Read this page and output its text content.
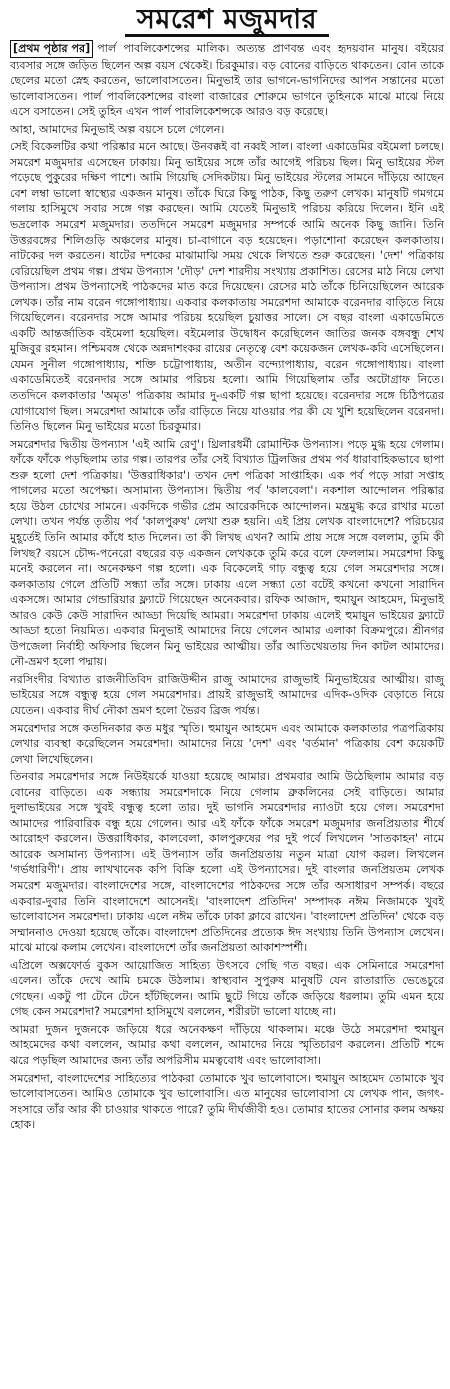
সমরেশ মজুমদার

[প্রথম পৃষ্ঠার পর] পার্ল পাবলিকেশন্সের মালিক। অত্যন্ত প্রাণবন্ত এবং হৃদয়বান মানুষ। বইয়ের ব্যবসার সঙ্গে জড়িত ছিলেন অল্প বয়স থেকেই। চিরকুমার। বড় বোনের বাড়িতে থাকতেন। বোন তাকে ছেলের মতো স্নেহ করতেন, ভালোবাসতেন। মিনুভাই তার ভাগনে-ভাগনিদের আপন সন্তানের মতো ভালোবাসতেন। পার্ল পাবলিকেশন্সের বাংলা বাজারের শোরুমে ভাগনে তুহিনকে মাঝে মাঝে নিয়ে এসে বসাতেন। সেই তুহিন এখন পার্ল পাবলিকেশন্সকে আরও বড় করেছে।

আহা, আমাদের মিনুভাই অল্প বয়সে চলে গেলেন।

সেই বিকেলটির কথা পরিষ্কার মনে আছে। উনবক্কই বা নব্বই সাল। বাংলা একাডেমির বইমেলা চলছে। সমরেশ মজুমদার এসেছেন ঢাকায়। মিনু ভাইয়ের সঙ্গে তাঁর আগেই পরিচয় ছিল। মিনু ভাইয়ের স্টল পড়েছে পুকুরের দক্ষিণ পাশে। আমি গিয়েছি সেদিকটায়। মিনু ভাইয়ের স্টলের সামনে দাঁড়িয়ে আছেন বেশ লম্বা ভালো স্বাস্থ্যের একজন মানুষ। তাঁকে ঘিরে কিছু পাঠক, কিছু তরুণ লেখক। মানুষটি গমগমে গলায় হাসিমুখে সবার সঙ্গে গল্প করছেন। আমি যেতেই মিনুভাই পরিচয় করিয়ে দিলেন। ইনি এই ভদ্রলোক সমরেশ মজুমদার। ততদিনে সমরেশ মজুমদার সম্পর্কে আমি অনেক কিছু জানি। তিনি উত্তরবঙ্গের শিলিগুড়ি অঞ্চলের মানুষ। চা-বাগানে বড় হয়েছেন। পড়াশোনা করেছেন কলকাতায়। নাটকের দল করতেন। ষাটের দশকের মাঝামাঝি সময় থেকে লিখতে শুরু করেছেন। 'দেশ' পত্রিকায় বেরিয়েছিল প্রথম গল্প। প্রথম উপন্যাস 'দৌড়' দেশ শারদীয় সংখ্যায় প্রকাশিত। রেসের মাঠ নিয়ে লেখা উপন্যাস। প্রথম উপন্যাসেই পাঠকদের মাত করে দিয়েছেন। রেসের মাঠ তাঁকে চিনিয়েছিলেন আরেক লেখক। তাঁর নাম বরেন গঙ্গোপাধ্যায়। একবার কলকাতায় সমরেশদা আমাকে বরেনদার বাড়িতে নিয়ে গিয়েছিলেন। বরেনদার সঙ্গে আমার পরিচয় হয়েছিল চুয়াত্তর সালে। সে বছর বাংলা একাডেমিতে একটি আন্তর্জাতিক বইমেলা হয়েছিল। বইমেলার উদ্বোধন করেছিলেন জাতির জনক বঙ্গবন্ধু শেখ মুজিবুর রহমান। পশ্চিমবঙ্গ থেকে অন্নদাশংকর রায়ের নেতৃত্বে বেশ কয়েকজন লেখক-কবি এসেছিলেন। যেমন সুনীল গঙ্গোপাধ্যায়, শক্তি চট্টোপাধ্যায়, অতীন বন্দ্যোপাধ্যায়, বরেন গঙ্গোপাধ্যায়। বাংলা একাডেমিতেই বরেনদার সঙ্গে আমার পরিচয় হলো। আমি গিয়েছিলাম তাঁর অটোগ্রাফ নিতে। ততদিনে কলকাতার 'অমৃত' পত্রিকায় আমার দু-একটি গল্প ছাপা হয়েছে। বরেনদার সঙ্গে চিঠিপত্রের যোগাযোগ ছিল। সমরেশদা আমাকে তাঁর বাড়িতে নিয়ে যাওয়ার পর কী যে খুশি হয়েছিলেন বরেনদা। তিনিও ছিলেন মিনু ভাইয়ের মতো চিরকুমার।

সমরেশদার দ্বিতীয় উপন্যাস 'এই আমি রেণু'। থ্রিলারধর্মী রোমান্টিক উপন্যাস। পড়ে মুগ্ধ হয়ে গেলাম। ফাঁকে ফাঁকে পড়ছিলাম তার গল্প। তারপর তাঁর সেই বিখ্যাত ট্রিলজির প্রথম পর্ব ধারাবাহিকভাবে ছাপা শুরু হলো দেশ পত্রিকায়। 'উত্তরাধিকার'। তখন দেশ পত্রিকা সাপ্তাহিক। এক পর্ব পড়ে সারা সপ্তাহ পাগলের মতো অপেক্ষা। অসামান্য উপন্যাস। দ্বিতীয় পর্ব 'কালবেলা'। নকশাল আন্দোলন পরিষ্কার হয়ে উঠল চোখের সামনে। একদিকে গভীর প্রেম আরেকদিকে আন্দোলন। মন্ত্রমুগ্ধ করে রাখার মতো লেখা। তখন পর্যন্ত তৃতীয় পর্ব 'কালপুরুষ' লেখা শুরু হয়নি। এই প্রিয় লেখক বাংলাদেশে? পরিচয়ের মুহূর্তেই তিনি আমার কাঁধে হাত দিলেন। তা কী লিখছ এখন? আমি প্রায় সঙ্গে সঙ্গে বললাম, তুমি কী লিখছ? বয়সে চৌদ্দ-পনেরো বছরের বড় একজন লেখককে তুমি করে বলে ফেললাম। সমরেশদা কিছু মনেই করলেন না। অনেকক্ষণ গল্প হলো। এক বিকেলেই গাঢ় বন্ধুত্ব হয়ে গেল সমরেশদার সঙ্গে। কলকাতায় গেলে প্রতিটি সন্ধ্যা তাঁর সঙ্গে। ঢাকায় এলে সন্ধ্যা তো বটেই কখনো কখনো সারাদিন একসঙ্গে। আমার গেন্ডারিয়ার ফ্ল্যাটে গিয়েছেন অনেকবার। রফিক আজাদ, হুমায়ুন আহমেদ, মিনুভাই আরও কেউ কেউ সারাদিন আড্ডা দিয়েছি আমরা। সমরেশদা ঢাকায় এলেই হুমায়ুন ভাইয়ের ফ্ল্যাটে আড্ডা হতো নিয়মিত। একবার মিনুভাই আমাদের নিয়ে গেলেন আমার এলাকা বিক্রমপুরে। শ্রীনগর উপজেলা নির্বাহী অফিসার ছিলেন মিনু ভাইয়ের আত্মীয়। তাঁর আতিথেয়তায় দিন কাটল আমাদের। নৌ-ভ্রমণ হলো পদ্মায়।

নরসিংদীর বিখ্যাত রাজনীতিবিদ রাজিউদ্দীন রাজু আমাদের রাজুভাই মিনুভাইয়ের আত্মীয়। রাজু ভাইয়ের সঙ্গে বন্ধুত্ব হয়ে গেল সমরেশদার। প্রায়ই রাজুভাই আমাদের এদিক-ওদিক বেড়াতে নিয়ে যেতেন। একবার দীর্ঘ নৌকা ভ্রমণ হলো ভৈরব ব্রিজ পর্যন্ত।

সমরেশদার সঙ্গে কতদিনকার কত মধুর স্মৃতি। হুমায়ুন আহমেদ এবং আমাকে কলকাতার পত্রপত্রিকায় লেখার ব্যবস্থা করেছিলেন সমরেশদা। আমাদের নিয়ে 'দেশ' এবং 'বর্তমান' পত্রিকায় বেশ কয়েকটি লেখা লিখেছিলেন।

তিনবার সমরেশদার সঙ্গে নিউইয়র্কে যাওয়া হয়েছে আমার। প্রথমবার আমি উঠেছিলাম আমার বড় বোনের বাড়িতে। এক সন্ধ্যায় সমরেশদাকে নিয়ে গেলাম ব্রুকলিনের সেই বাড়িতে। আমার দুলাভাইয়ের সঙ্গে খুবই বন্ধুত্ব হলো তার। দুই ভাগনি সমরেশদার ন্যাওটা হয়ে গেল। সমরেশদা আমাদের পারিবারিক বন্ধু হয়ে গেলেন। আর এই ফাঁকে ফাঁকে সমরেশ মজুমদার জনপ্রিয়তার শীর্ষে আরোহণ করলেন। উত্তরাধিকার, কালবেলা, কালপুরুষের পর দুই পর্বে লিখলেন 'সাতকাহন' নামে আরেক অসামান্য উপন্যাস। এই উপন্যাস তাঁর জনপ্রিয়তায় নতুন মাত্রা যোগ করল। লিখলেন 'গর্ভধারিণী'। প্রায় লাখখানেক কপি বিক্রি হলো এই উপন্যাসের। দুই বাংলার জনপ্রিয়তম লেখক সমরেশ মজুমদার। বাংলাদেশের সঙ্গে, বাংলাদেশের পাঠকদের সঙ্গে তাঁর অসাধারণ সম্পর্ক। বছরে একবার-দুবার তিনি বাংলাদেশে আসেনই। 'বাংলাদেশ প্রতিদিন' সম্পাদক নঈম নিজামকে খুবই ভালোবাসেন সমরেশদা। ঢাকায় এলে নঈম তাঁকে ঢাকা ক্লাবে রাখেন। 'বাংলাদেশ প্রতিদিন' থেকে বড় সম্মাননাও দেওয়া হয়েছে তাঁকে। বাংলাদেশ প্রতিদিনের প্রত্যেক ঈদ সংখ্যায় তিনি উপন্যাস লেখেন। মাঝে মাঝে কলাম লেখেন। বাংলাদেশে তাঁর জনপ্রিয়তা আকাশস্পর্শী।

এপ্রিলে অক্সফোর্ড বুকস আয়োজিত সাহিত্য উৎসবে গেছি গত বছর। এক সেমিনারে সমরেশদা এলেন। তাঁকে দেখে আমি চমকে উঠলাম। স্বাস্থ্যবান সুপুরুষ মানুষটি যেন রাতারাতি ভেঙেচুরে গেছেন। একটু পা টেনে টেনে হাঁটছিলেন। আমি ছুটে গিয়ে তাঁকে জড়িয়ে ধরলাম। তুমি এমন হয়ে গেছ কেন সমরেশদা? সমরেশদা হাসিমুখে বললেন, শরীরটা ভালো যাচ্ছে না।

আমরা দুজন দুজনকে জড়িয়ে ধরে অনেকক্ষণ দাঁড়িয়ে থাকলাম। মঞ্চে উঠে সমরেশদা হুমায়ুন আহমেদের কথা বললেন, আমার কথা বললেন, আমাদের নিয়ে স্মৃতিচারণ করলেন। প্রতিটি শব্দে ঝরে পড়ছিল আমাদের জন্য তাঁর অপরিসীম মমত্ববোধ এবং ভালোবাসা।

সমরেশদা, বাংলাদেশের সাহিত্যের পাঠকরা তোমাকে খুব ভালোবাসে। হুমায়ুন আহমেদ তোমাকে খুব ভালোবাসতেন। আমিও তোমাকে খুব ভালোবাসি। এত মানুষের ভালোবাসা যে লেখক পান, জগৎ-সংসারে তাঁর আর কী চাওয়ার থাকতে পারে? তুমি দীর্ঘজীবী হও। তোমার হাতের সোনার কলম অক্ষয় হোক।
